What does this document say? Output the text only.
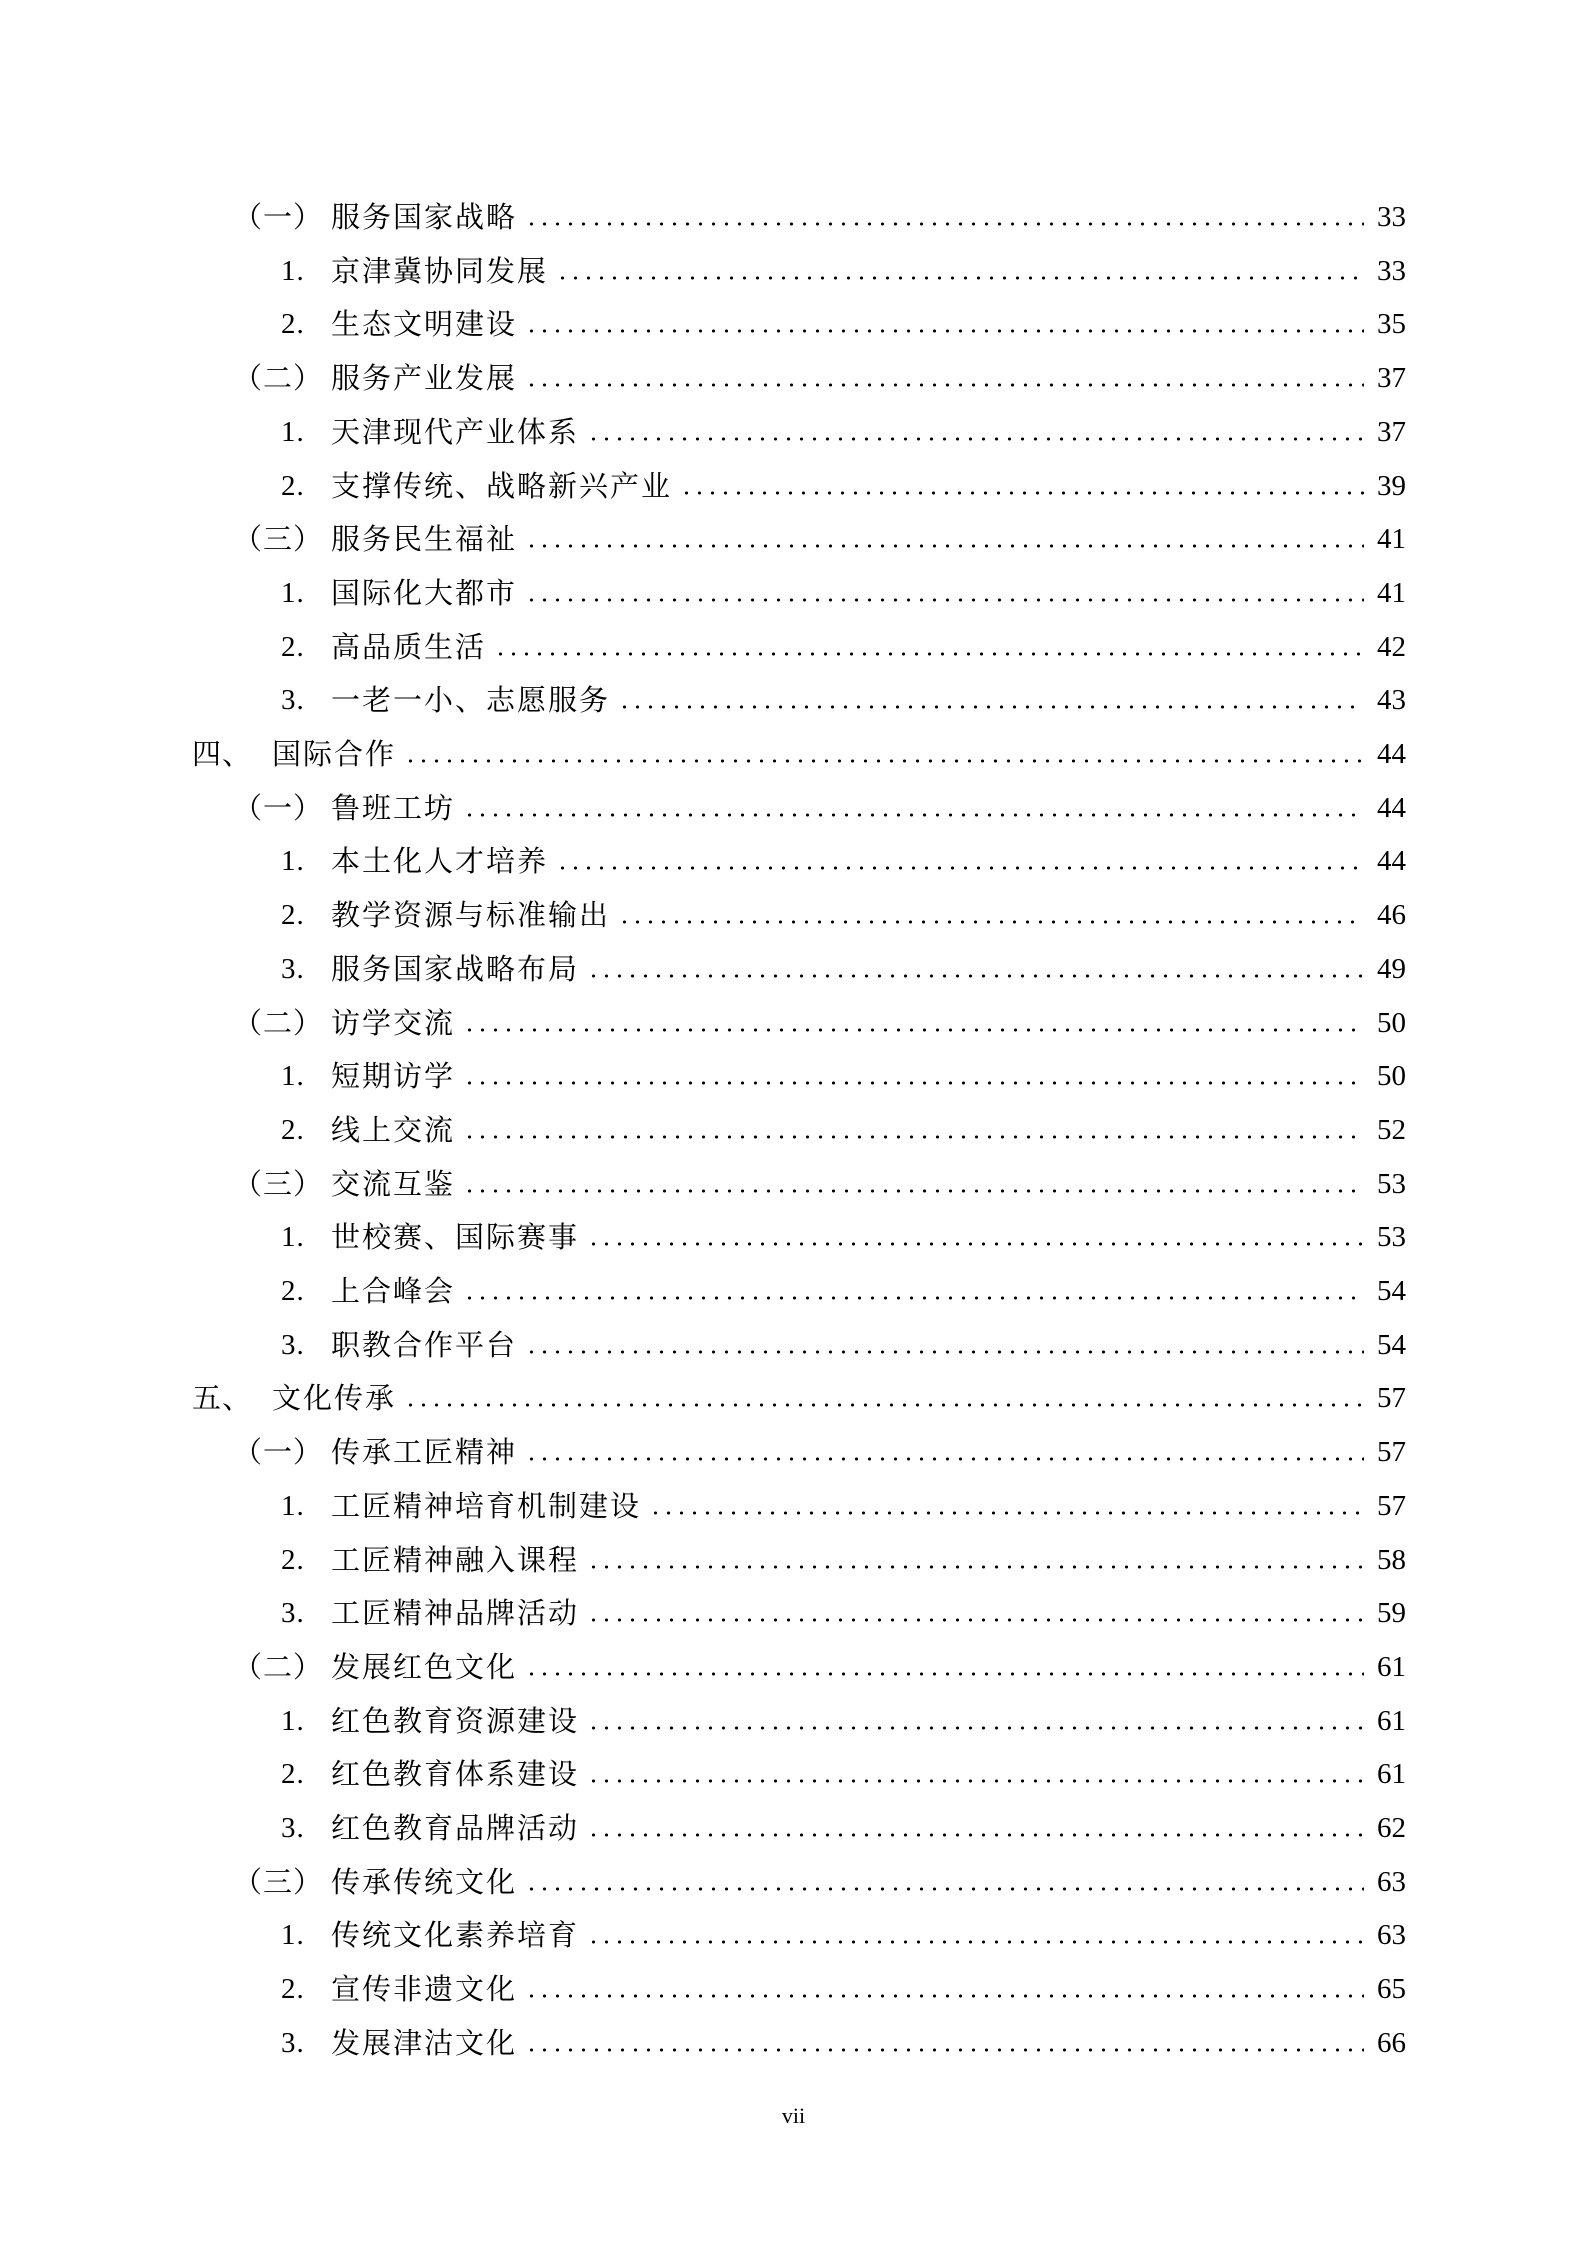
（一） 服务国家战略	33
1. 京津冀协同发展	33
2. 生态文明建设	35
（二） 服务产业发展	37
1. 天津现代产业体系	37
2. 支撑传统、战略新兴产业	39
（三） 服务民生福祉	41
1. 国际化大都市	41
2. 高品质生活	42
3. 一老一小、志愿服务	43
四、 国际合作	44
（一） 鲁班工坊	44
1. 本土化人才培养	44
2. 教学资源与标准输出	46
3. 服务国家战略布局	49
（二） 访学交流	50
1. 短期访学	50
2. 线上交流	52
（三） 交流互鉴	53
1. 世校赛、国际赛事	53
2. 上合峰会	54
3. 职教合作平台	54
五、 文化传承	57
（一） 传承工匠精神	57
1. 工匠精神培育机制建设	57
2. 工匠精神融入课程	58
3. 工匠精神品牌活动	59
（二） 发展红色文化	61
1. 红色教育资源建设	61
2. 红色教育体系建设	61
3. 红色教育品牌活动	62
（三） 传承传统文化	63
1. 传统文化素养培育	63
2. 宣传非遗文化	65
3. 发展津沽文化	66
vii
